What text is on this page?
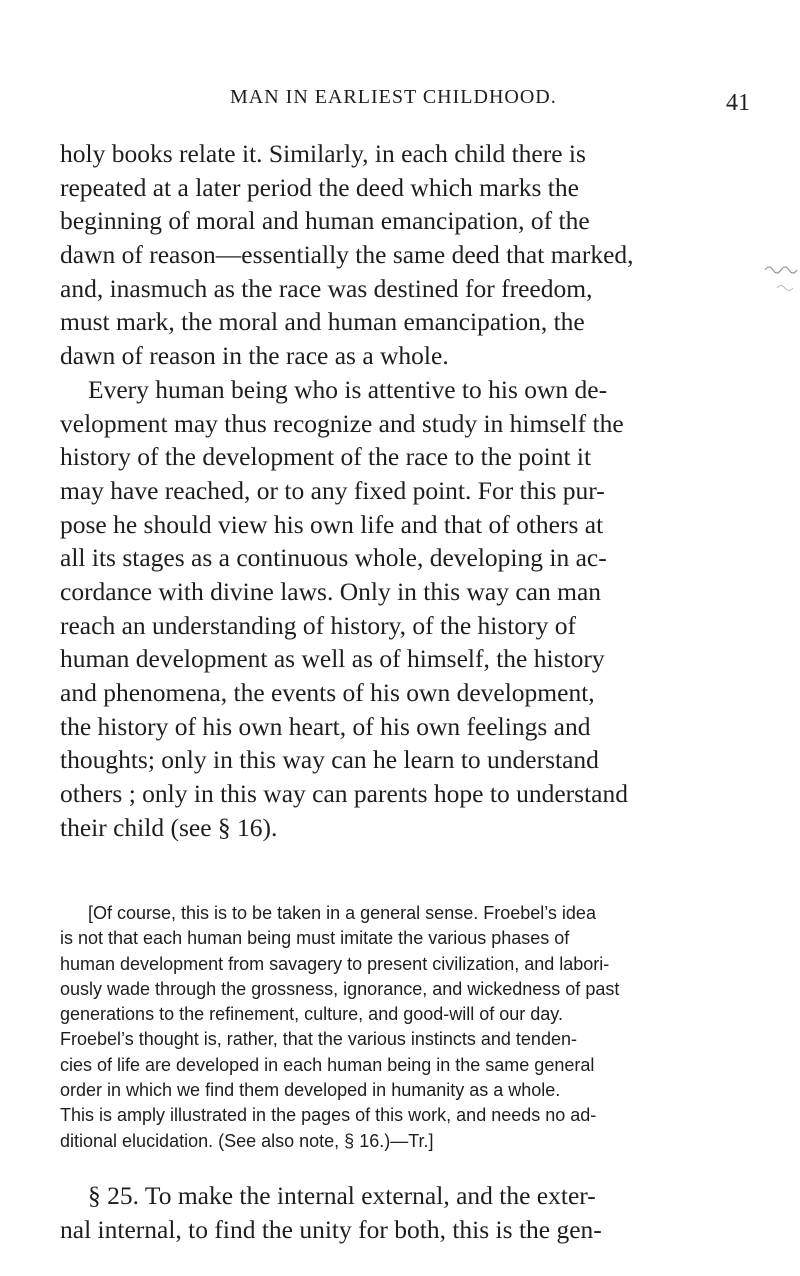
MAN IN EARLIEST CHILDHOOD.	41
holy books relate it. Similarly, in each child there is
repeated at a later period the deed which marks the
beginning of moral and human emancipation, of the
dawn of reason—essentially the same deed that marked,
and, inasmuch as the race was destined for freedom,
must mark, the moral and human emancipation, the
dawn of reason in the race as a whole.
Every human being who is attentive to his own de-
velopment may thus recognize and study in himself the
history of the development of the race to the point it
may have reached, or to any fixed point. For this pur-
pose he should view his own life and that of others at
all its stages as a continuous whole, developing in ac-
cordance with divine laws. Only in this way can man
reach an understanding of history, of the history of
human development as well as of himself, the history
and phenomena, the events of his own development,
the history of his own heart, of his own feelings and
thoughts; only in this way can he learn to understand
others ; only in this way can parents hope to understand
their child (see § 16).
[Of course, this is to be taken in a general sense. Froebel’s idea
is not that each human being must imitate the various phases of
human development from savagery to present civilization, and labori-
ously wade through the grossness, ignorance, and wickedness of past
generations to the refinement, culture, and good-will of our day.
Froebel’s thought is, rather, that the various instincts and tenden-
cies of life are developed in each human being in the same general
order in which we find them developed in humanity as a whole.
This is amply illustrated in the pages of this work, and needs no ad-
ditional elucidation. (See also note, § 16.)—Tr.]
§ 25. To make the internal external, and the exter-
nal internal, to find the unity for both, this is the gen-
